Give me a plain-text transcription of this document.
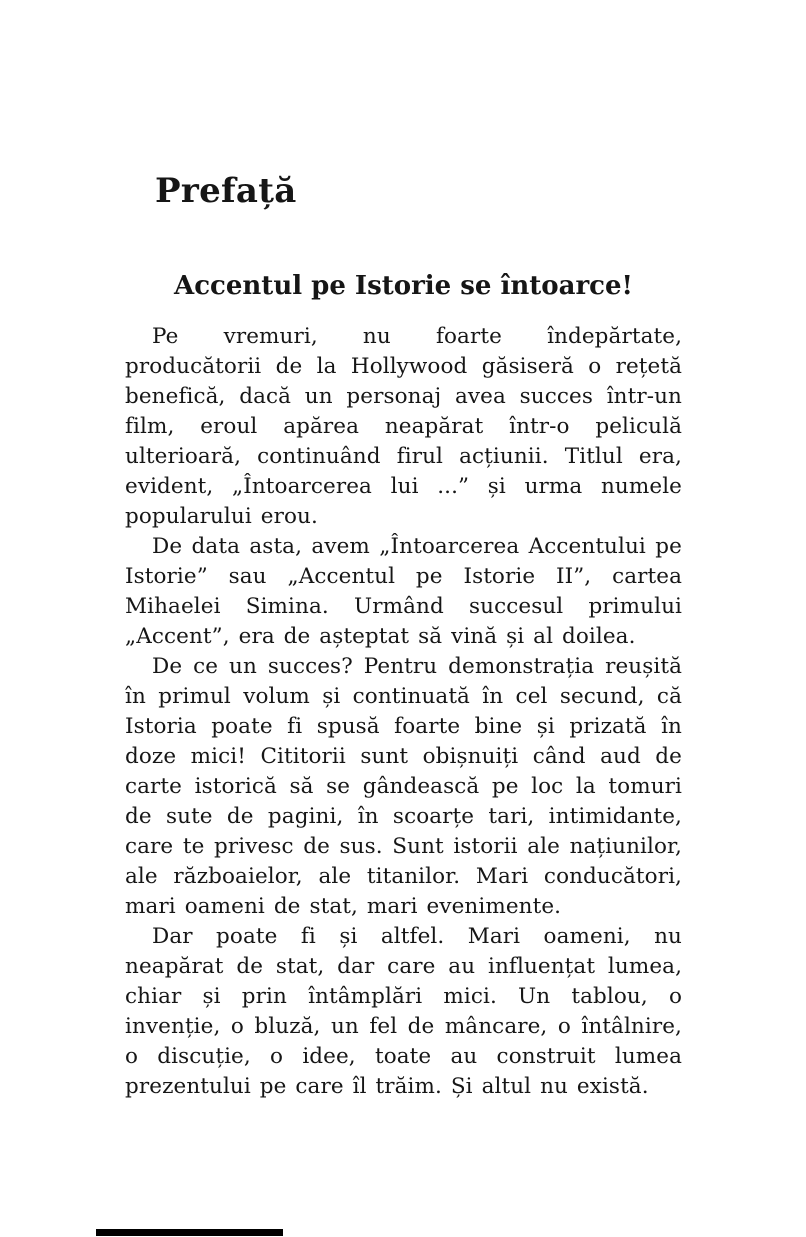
Prefață
Accentul pe Istorie se întoarce!

Pe vremuri, nu foarte îndepărtate, producătorii de la Hollywood găsiseră o rețetă benefică, dacă un personaj avea succes într-un film, eroul apărea neapărat într-o peliculă ulterioară, continuând firul acțiunii. Titlul era, evident, „Întoarcerea lui ...” și urma numele popularului erou.

De data asta, avem „Întoarcerea Accentului pe Istorie” sau „Accentul pe Istorie II”, cartea Mihaelei Simina. Urmând succesul primului „Accent”, era de așteptat să vină și al doilea.

De ce un succes? Pentru demonstrația reușită în primul volum și continuată în cel secund, că Istoria poate fi spusă foarte bine și prizată în doze mici! Cititorii sunt obișnuiți când aud de carte istorică să se gândească pe loc la tomuri de sute de pagini, în scoarțe tari, intimidante, care te privesc de sus. Sunt istorii ale națiunilor, ale războaielor, ale titanilor. Mari conducători, mari oameni de stat, mari evenimente.

Dar poate fi și altfel. Mari oameni, nu neapărat de stat, dar care au influențat lumea, chiar și prin întâmplări mici. Un tablou, o invenție, o bluză, un fel de mâncare, o întâlnire, o discuție, o idee, toate au construit lumea prezentului pe care îl trăim. Și altul nu există.
